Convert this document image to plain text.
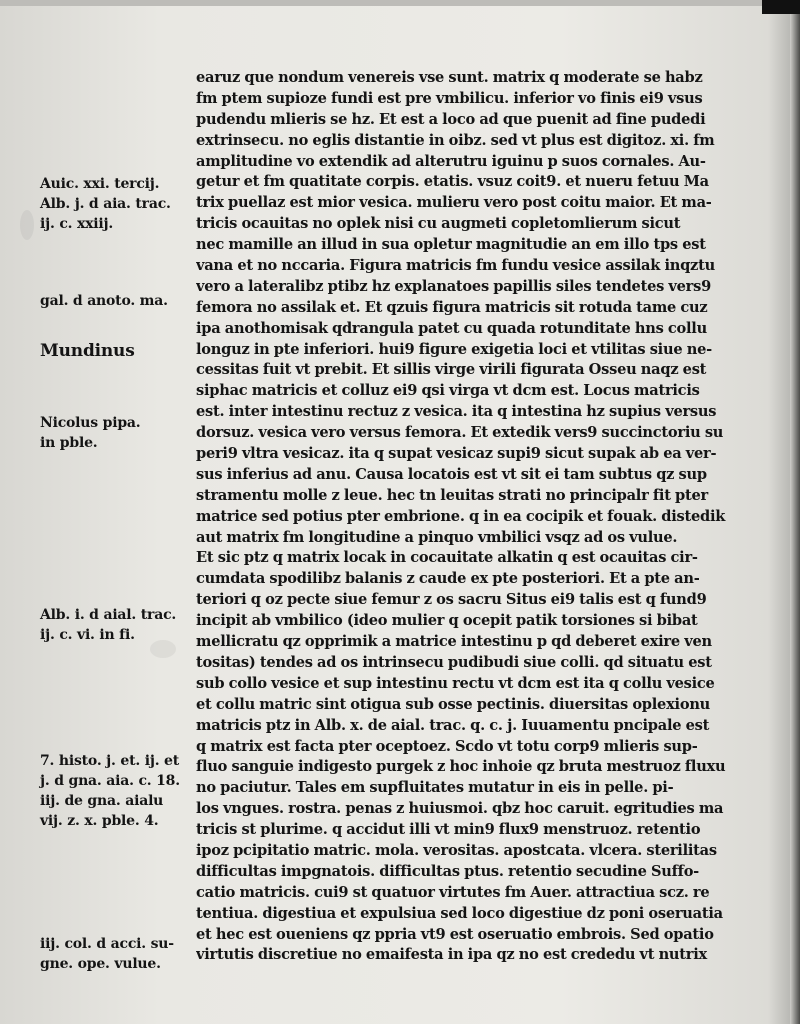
earuz que nondum venereis vse sunt. matrix q moderate se habz
fm ptem supioze fundi est pre vmbilicu. inferior vo finis ei9 vsus
pudendu mlieris se hz. Et est a loco ad que puenit ad fine pudedi
extrinsecu. no eglis distantie in oibz. sed vt plus est digitoz. xi. fm
amplitudine vo extendik ad alterutru iguinu p suos cornales. Au-
getur et fm quatitate corpis. etatis. vsuz coit9. et nueru fetuu Ma
trix puellaz est mior vesica. mulieru vero post coitu maior. Et ma-
tricis ocauitas no oplek nisi cu augmeti copletomlierum sicut
nec mamille an illud in sua opletur magnitudie an em illo tps est
vana et no nccaria. Figura matricis fm fundu vesice assilak inqztu
vero a lateralibz ptibz hz explanatoes papillis siles tendetes vers9
femora no assilak et. Et qzuis figura matricis sit rotuda tame cuz
ipa anothomisak qdrangula patet cu quada rotunditate hns collu
longuz in pte inferiori. hui9 figure exigetia loci et vtilitas siue ne-
cessitas fuit vt prebit. Et sillis virge virili figurata Osseu naqz est
siphac matricis et colluz ei9 qsi virga vt dcm est. Locus matricis
est. inter intestinu rectuz z vesica. ita q intestina hz supius versus
dorsuz. vesica vero versus femora. Et extedik vers9 succinctoriu su
peri9 vltra vesicaz. ita q supat vesicaz supi9 sicut supak ab ea ver-
sus inferius ad anu. Causa locatois est vt sit ei tam subtus qz sup
stramentu molle z leue. hec tn leuitas strati no principalr fit pter
matrice sed potius pter embrione. q in ea cocipik et fouak. distedik
aut matrix fm longitudine a pinquo vmbilici vsqz ad os vulue.
Et sic ptz q matrix locak in cocauitate alkatin q est ocauitas cir-
cumdata spodilibz balanis z caude ex pte posteriori. Et a pte an-
teriori q oz pecte siue femur z os sacru Situs ei9 talis est q fund9
incipit ab vmbilico (ideo mulier q ocepit patik torsiones si bibat
mellicratu qz opprimik a matrice intestinu p qd deberet exire ven
tositas) tendes ad os intrinsecu pudibudi siue colli. qd situatu est
sub collo vesice et sup intestinu rectu vt dcm est ita q collu vesice
et collu matric sint otigua sub osse pectinis. diuersitas oplexionu
matricis ptz in Alb. x. de aial. trac. q. c. j. Iuuamentu pncipale est
q matrix est facta pter oceptoez. Scdo vt totu corp9 mlieris sup-
fluo sanguie indigesto purgek z hoc inhoie qz bruta mestruoz fluxu
no paciutur. Tales em supfluitates mutatur in eis in pelle. pi-
los vngues. rostra. penas z huiusmoi. qbz hoc caruit. egritudies ma
tricis st plurime. q accidut illi vt min9 flux9 menstruoz. retentio
ipoz pcipitatio matric. mola. verositas. apostcata. vlcera. sterilitas
difficultas impgnatois. difficultas ptus. retentio secudine Suffo-
catio matricis. cui9 st quatuor virtutes fm Auer. attractiua scz. re
tentiua. digestiua et expulsiua sed loco digestiue dz poni oseruatia
et hec est oueniens qz ppria vt9 est oseruatio embrois. Sed opatio
virtutis discretiue no emaifesta in ipa qz no est crededu vt nutrix
Auic. xxi. tercij.
Alb. j. d aia. trac.
ij. c. xxiij.
gal. d anoto. ma.
Mundinus
Nicolus pipa.
in pble.
Alb. i. d aial. trac.
ij. c. vi. in fi.
7. histo. j. et. ij. et
j. d gna. aia. c. 18.
iij. de gna. aialu
vij. z. x. pble. 4.
iij. col. d acci. su-
gne. ope. vulue.
